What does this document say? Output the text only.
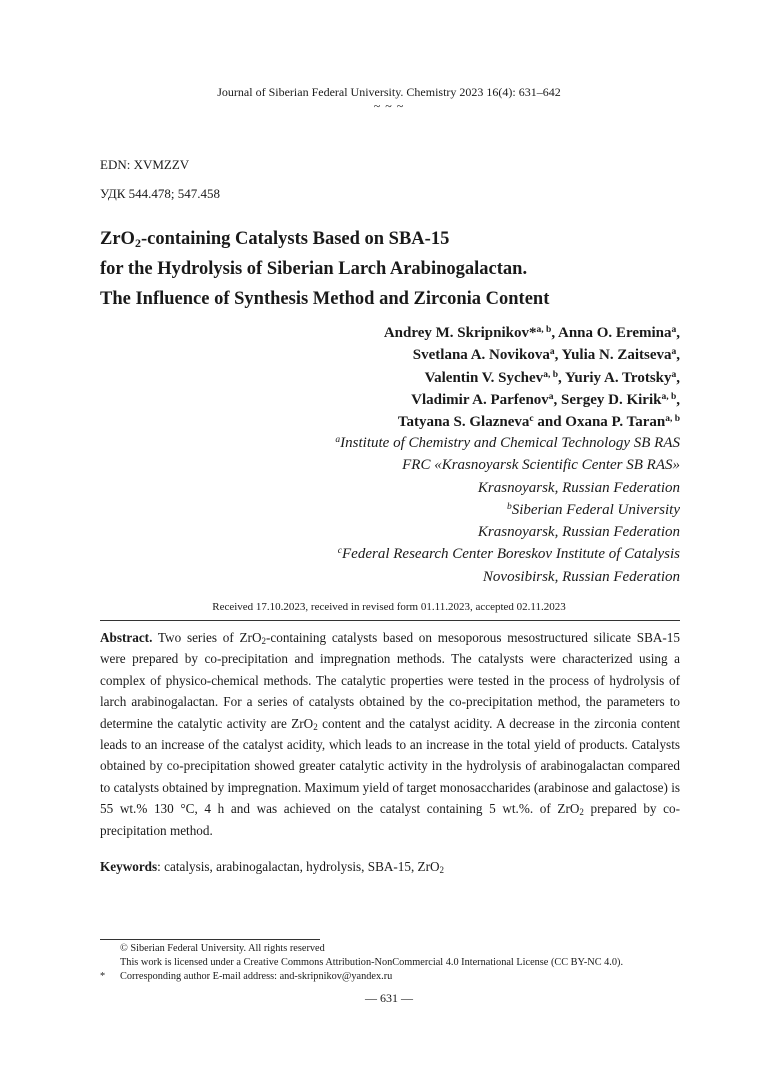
Journal of Siberian Federal University. Chemistry 2023 16(4): 631–642
~ ~ ~
EDN: XVMZZV
УДК 544.478; 547.458
ZrO$_2$-containing Catalysts Based on SBA-15
for the Hydrolysis of Siberian Larch Arabinogalactan.
The Influence of Synthesis Method and Zirconia Content
Andrey M. Skripnikov*$^{a, b}$, Anna O. Eremina$^a$,
Svetlana A. Novikova$^a$, Yulia N. Zaitseva$^a$,
Valentin V. Sychev$^{a, b}$, Yuriy A. Trotsky$^a$,
Vladimir A. Parfenov$^a$, Sergey D. Kirik$^{a, b}$,
Tatyana S. Glazneva$^c$ and Oxana P. Taran$^{a, b}$
$^a$Institute of Chemistry and Chemical Technology SB RAS
FRC «Krasnoyarsk Scientific Center SB RAS»
Krasnoyarsk, Russian Federation
$^b$Siberian Federal University
Krasnoyarsk, Russian Federation
$^c$Federal Research Center Boreskov Institute of Catalysis
Novosibirsk, Russian Federation
Received 17.10.2023, received in revised form 01.11.2023, accepted 02.11.2023
Abstract. Two series of ZrO$_2$-containing catalysts based on mesoporous mesostructured silicate SBA-15 were prepared by co-precipitation and impregnation methods. The catalysts were characterized using a complex of physico-chemical methods. The catalytic properties were tested in the process of hydrolysis of larch arabinogalactan. For a series of catalysts obtained by the co-precipitation method, the parameters to determine the catalytic activity are ZrO$_2$ content and the catalyst acidity. A decrease in the zirconia content leads to an increase of the catalyst acidity, which leads to an increase in the total yield of products. Catalysts obtained by co-precipitation showed greater catalytic activity in the hydrolysis of arabinogalactan compared to catalysts obtained by impregnation. Maximum yield of target monosaccharides (arabinose and galactose) is 55 wt.% 130 °C, 4 h and was achieved on the catalyst containing 5 wt.%. of ZrO$_2$ prepared by co-precipitation method.
Keywords: catalysis, arabinogalactan, hydrolysis, SBA-15, ZrO$_2$
© Siberian Federal University. All rights reserved
This work is licensed under a Creative Commons Attribution-NonCommercial 4.0 International License (CC BY-NC 4.0).
* Corresponding author E-mail address: and-skripnikov@yandex.ru
— 631 —
